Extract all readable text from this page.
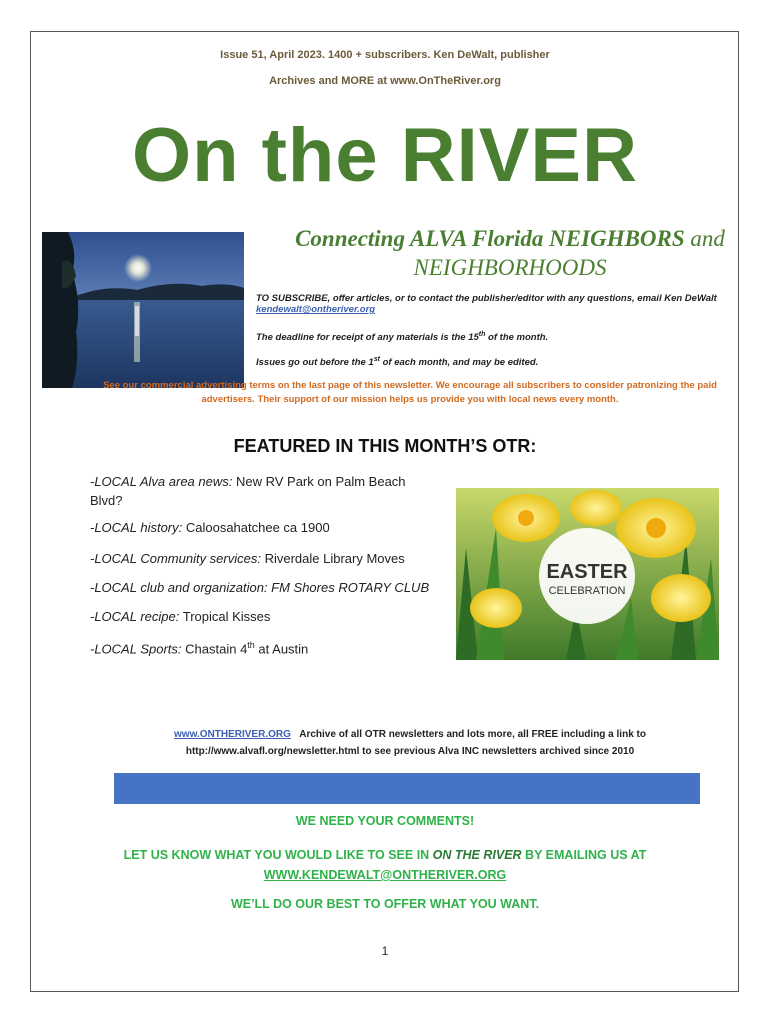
Issue 51, April 2023. 1400 + subscribers. Ken DeWalt, publisher
Archives and MORE at www.OnTheRiver.org
On the RIVER
Connecting ALVA Florida NEIGHBORS and
NEIGHBORHOODS
TO SUBSCRIBE, offer articles, or to contact the publisher/editor with any questions, email Ken DeWalt
kendewalt@ontheriver.org
The deadline for receipt of any materials is the 15th of the month.
Issues go out before the 1st of each month, and may be edited.
See our commercial advertising terms on the last page of this newsletter. We encourage all subscribers to consider patronizing the paid advertisers. Their support of our mission helps us provide you with local news every month.
FEATURED IN THIS MONTH’S OTR:
-LOCAL Alva area news: New RV Park on Palm Beach Blvd?
-LOCAL history: Caloosahatchee ca 1900
-LOCAL Community services: Riverdale Library Moves
-LOCAL club and organization: FM Shores ROTARY CLUB
-LOCAL recipe: Tropical Kisses
-LOCAL Sports: Chastain 4th at Austin
EASTER
CELEBRATION
www.ONTHERIVER.ORG Archive of all OTR newsletters and lots more, all FREE including a link to
http://www.alvafl.org/newsletter.html to see previous Alva INC newsletters archived since 2010
WE NEED YOUR COMMENTS!
LET US KNOW WHAT YOU WOULD LIKE TO SEE IN ON THE RIVER BY EMAILING US AT
WWW.KENDEWALT@ONTHERIVER.ORG
WE’LL DO OUR BEST TO OFFER WHAT YOU WANT.
1
